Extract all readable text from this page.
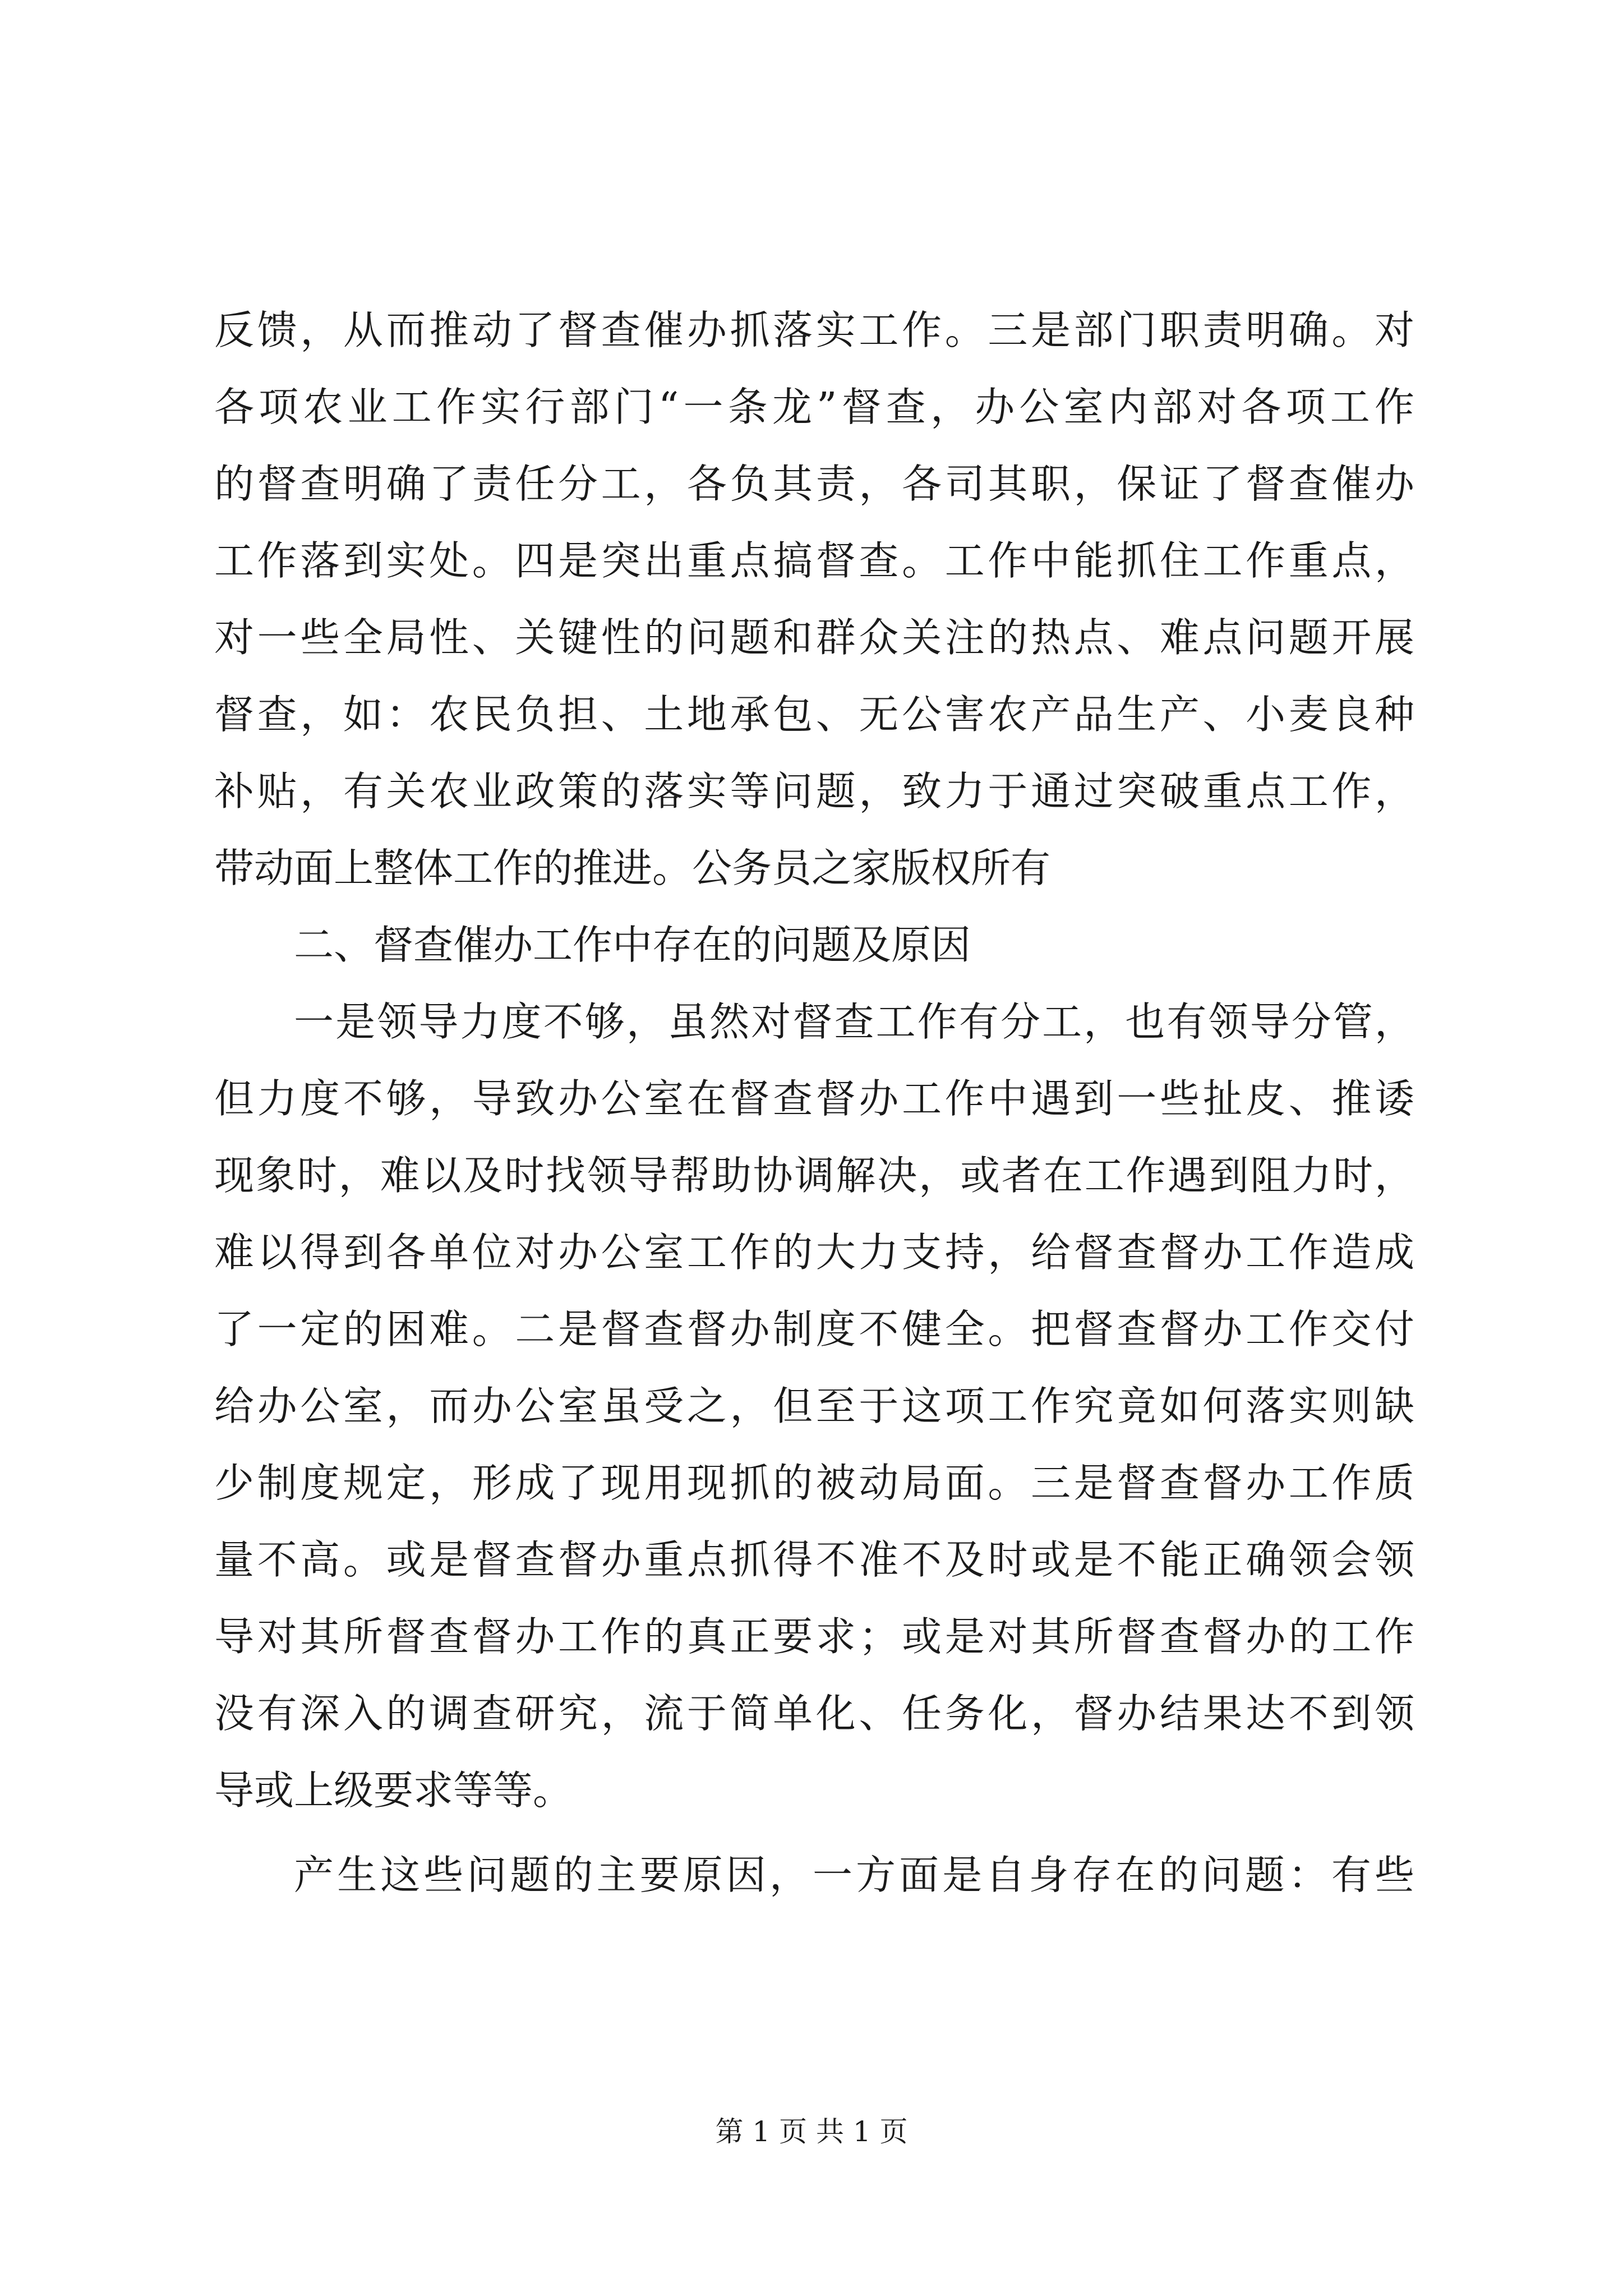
反馈，从而推动了督查催办抓落实工作。三是部门职责明确。对
各项农业工作实行部门“一条龙”督查，办公室内部对各项工作
的督查明确了责任分工，各负其责，各司其职，保证了督查催办
工作落到实处。四是突出重点搞督查。工作中能抓住工作重点，
对一些全局性、关键性的问题和群众关注的热点、难点问题开展
督查，如：农民负担、土地承包、无公害农产品生产、小麦良种
补贴，有关农业政策的落实等问题，致力于通过突破重点工作，
带动面上整体工作的推进。公务员之家版权所有
二、督查催办工作中存在的问题及原因
一是领导力度不够，虽然对督查工作有分工，也有领导分管，
但力度不够，导致办公室在督查督办工作中遇到一些扯皮、推诿
现象时，难以及时找领导帮助协调解决，或者在工作遇到阻力时，
难以得到各单位对办公室工作的大力支持，给督查督办工作造成
了一定的困难。二是督查督办制度不健全。把督查督办工作交付
给办公室，而办公室虽受之，但至于这项工作究竟如何落实则缺
少制度规定，形成了现用现抓的被动局面。三是督查督办工作质
量不高。或是督查督办重点抓得不准不及时或是不能正确领会领
导对其所督查督办工作的真正要求；或是对其所督查督办的工作
没有深入的调查研究，流于简单化、任务化，督办结果达不到领
导或上级要求等等。
产生这些问题的主要原因，一方面是自身存在的问题：有些
第 1 页 共 1 页
